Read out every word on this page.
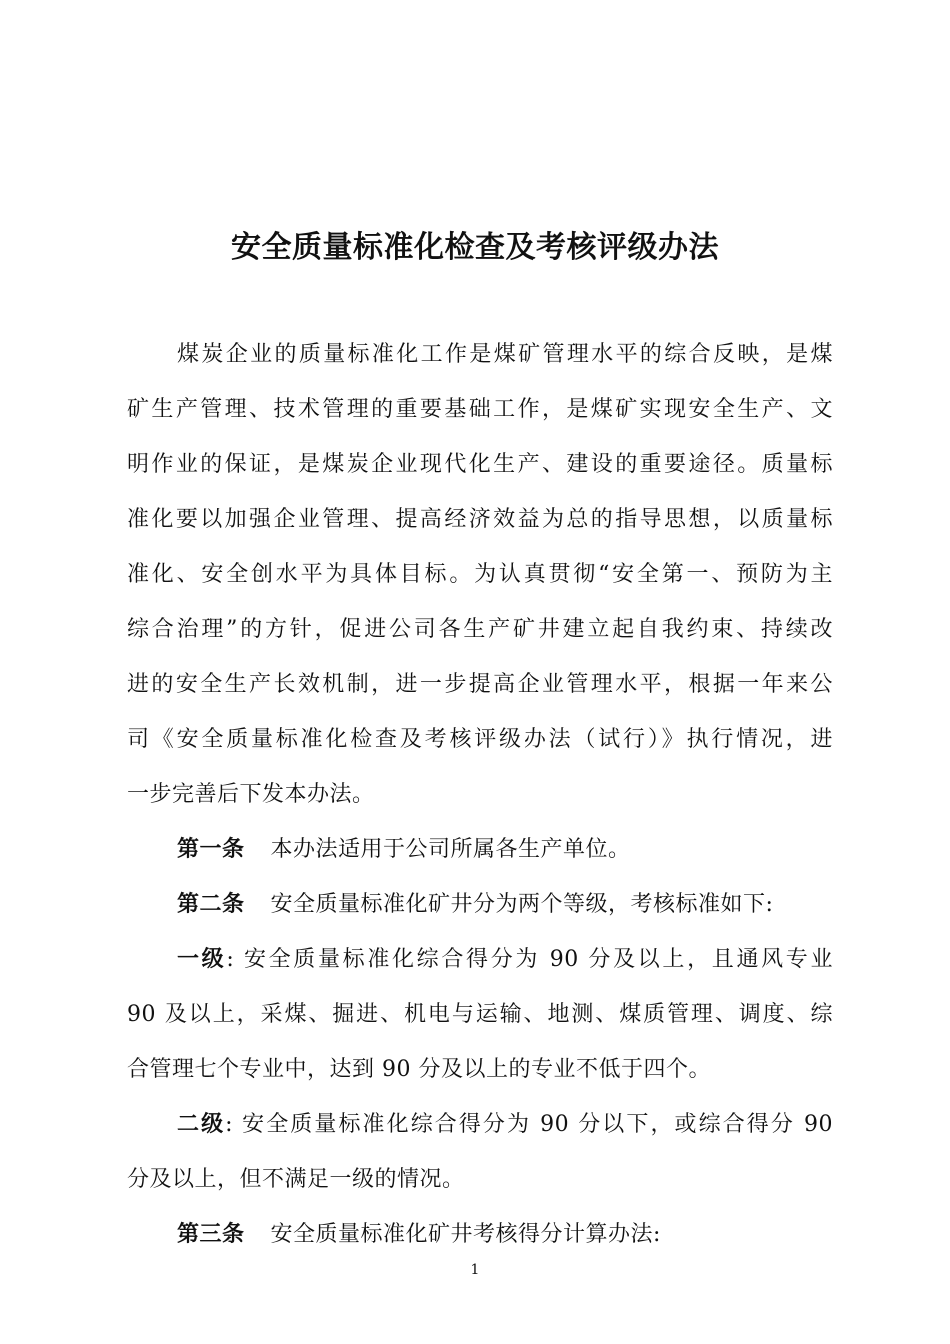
安全质量标准化检查及考核评级办法

煤炭企业的质量标准化工作是煤矿管理水平的综合反映，是煤

矿生产管理、技术管理的重要基础工作，是煤矿实现安全生产、文

明作业的保证，是煤炭企业现代化生产、建设的重要途径。质量标

准化要以加强企业管理、提高经济效益为总的指导思想，以质量标

准化、安全创水平为具体目标。为认真贯彻“安全第一、预防为主

综合治理”的方针，促进公司各生产矿井建立起自我约束、持续改

进的安全生产长效机制，进一步提高企业管理水平，根据一年来公

司《安全质量标准化检查及考核评级办法（试行）》执行情况，进

一步完善后下发本办法。

第一条 本办法适用于公司所属各生产单位。

第二条 安全质量标准化矿井分为两个等级，考核标准如下:

一级: 安全质量标准化综合得分为 90 分及以上，且通风专业

90 及以上，采煤、掘进、机电与运输、地测、煤质管理、调度、综

合管理七个专业中，达到 90 分及以上的专业不低于四个。

二级: 安全质量标准化综合得分为 90 分以下，或综合得分 90

分及以上，但不满足一级的情况。

第三条 安全质量标准化矿井考核得分计算办法:

1
